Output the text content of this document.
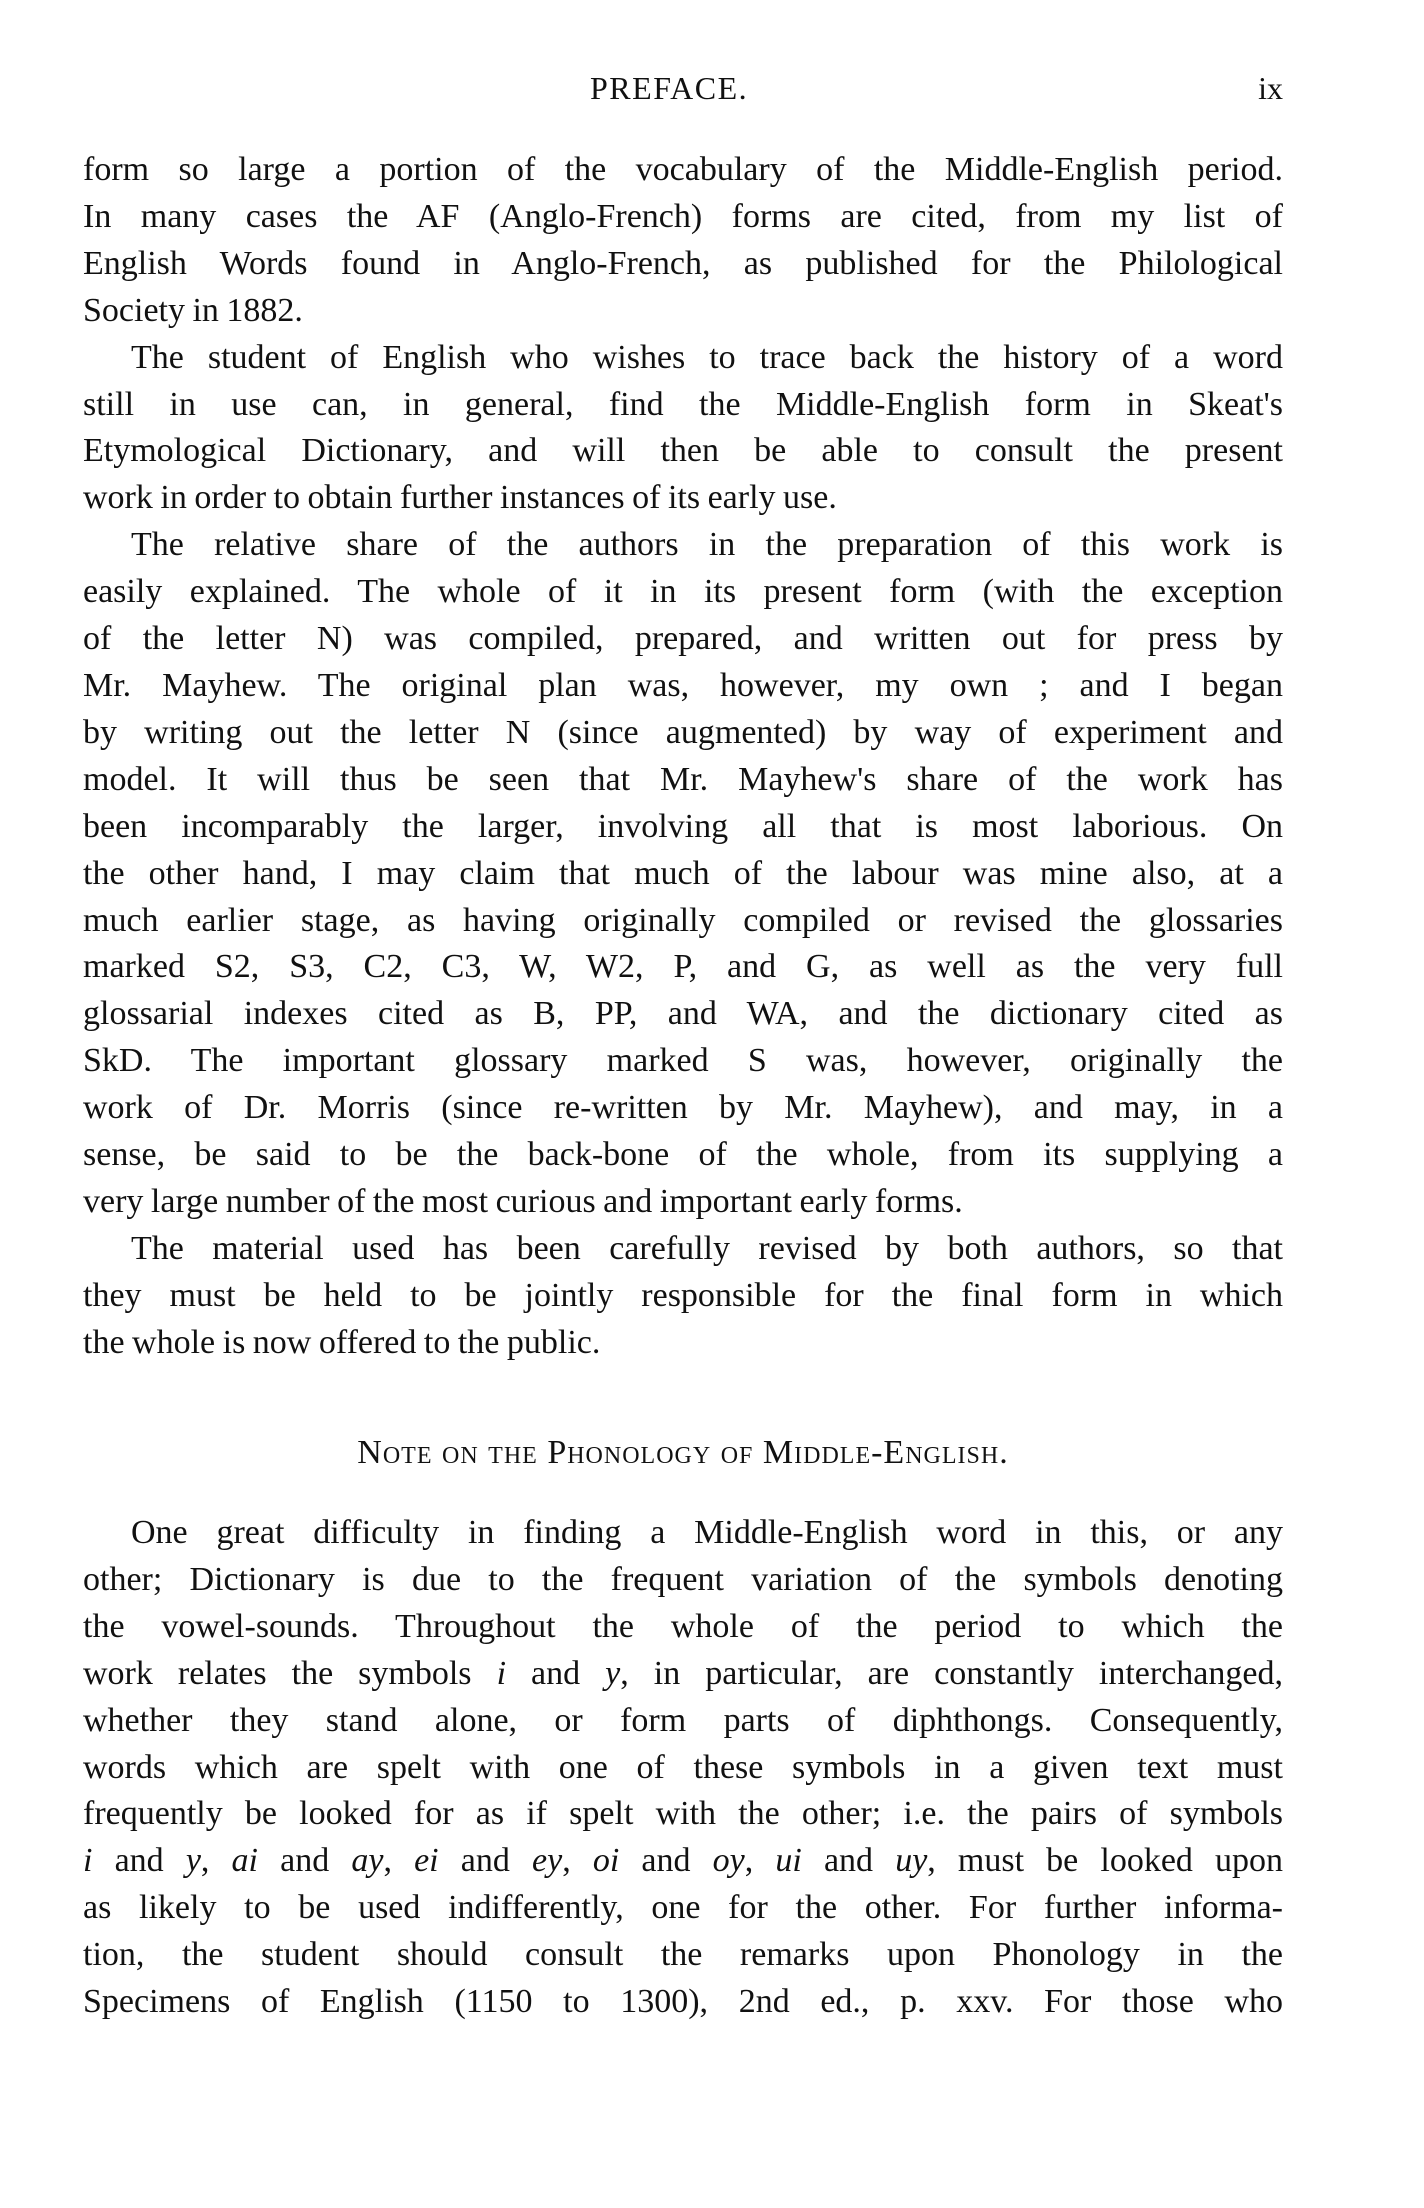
PREFACE.	ix
form so large a portion of the vocabulary of the Middle-English period.
In many cases the AF (Anglo-French) forms are cited, from my list of
English Words found in Anglo-French, as published for the Philological
Society in 1882.
The student of English who wishes to trace back the history of a word
still in use can, in general, find the Middle-English form in Skeat's
Etymological Dictionary, and will then be able to consult the present
work in order to obtain further instances of its early use.
The relative share of the authors in the preparation of this work is
easily explained. The whole of it in its present form (with the exception
of the letter N) was compiled, prepared, and written out for press by
Mr. Mayhew. The original plan was, however, my own ; and I began
by writing out the letter N (since augmented) by way of experiment and
model. It will thus be seen that Mr. Mayhew's share of the work has
been incomparably the larger, involving all that is most laborious. On
the other hand, I may claim that much of the labour was mine also, at a
much earlier stage, as having originally compiled or revised the glossaries
marked S2, S3, C2, C3, W, W2, P, and G, as well as the very full
glossarial indexes cited as B, PP, and WA, and the dictionary cited as
SkD. The important glossary marked S was, however, originally the
work of Dr. Morris (since re-written by Mr. Mayhew), and may, in a
sense, be said to be the back-bone of the whole, from its supplying a
very large number of the most curious and important early forms.
The material used has been carefully revised by both authors, so that
they must be held to be jointly responsible for the final form in which
the whole is now offered to the public.
Note on the Phonology of Middle-English.
One great difficulty in finding a Middle-English word in this, or any
other; Dictionary is due to the frequent variation of the symbols denoting
the vowel-sounds. Throughout the whole of the period to which the
work relates the symbols i and y, in particular, are constantly interchanged,
whether they stand alone, or form parts of diphthongs. Consequently,
words which are spelt with one of these symbols in a given text must
frequently be looked for as if spelt with the other; i.e. the pairs of symbols
i and y, ai and ay, ei and ey, oi and oy, ui and uy, must be looked upon
as likely to be used indifferently, one for the other. For further informa-
tion, the student should consult the remarks upon Phonology in the
Specimens of English (1150 to 1300), 2nd ed., p. xxv. For those who
